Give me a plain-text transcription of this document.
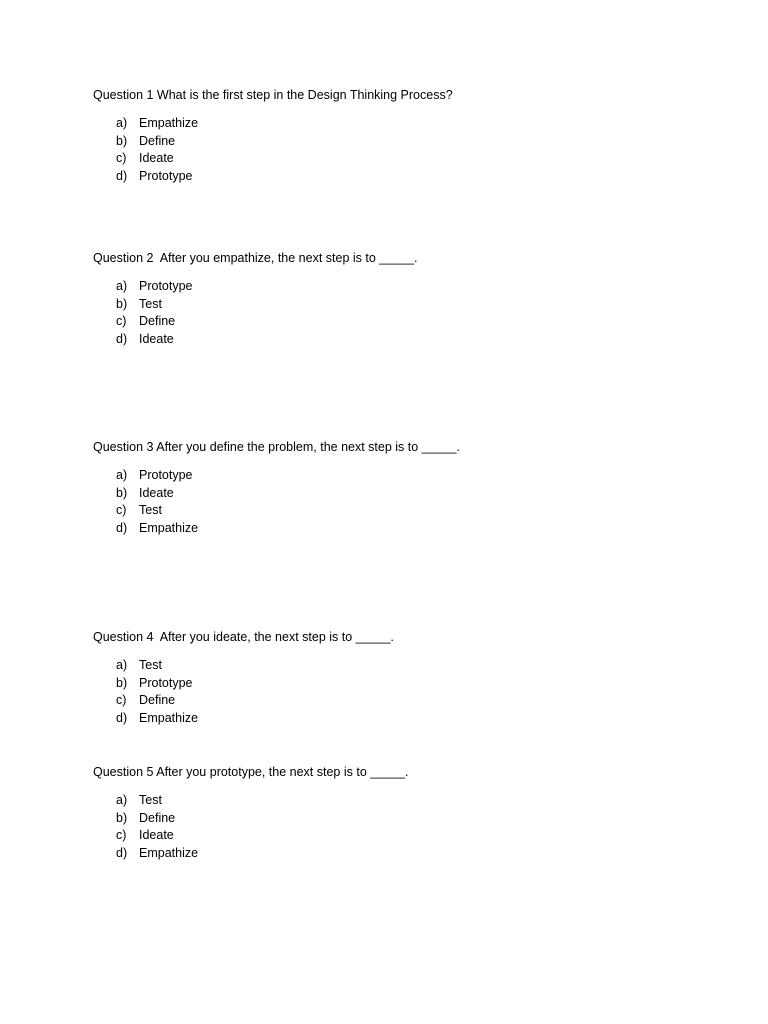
Question 1 What is the first step in the Design Thinking Process?

a) Empathize
b) Define
c)	Ideate
d) Prototype

Question 2  After you empathize, the next step is to _____.

a) Prototype
b) Test
c)	Define
d) Ideate

Question 3 After you define the problem, the next step is to _____.

a) Prototype
b) Ideate
c)	Test
d) Empathize

Question 4  After you ideate, the next step is to _____.

a) Test
b) Prototype
c)	Define
d) Empathize

Question 5 After you prototype, the next step is to _____.

a) Test
b) Define
c)	Ideate
d) Empathize
